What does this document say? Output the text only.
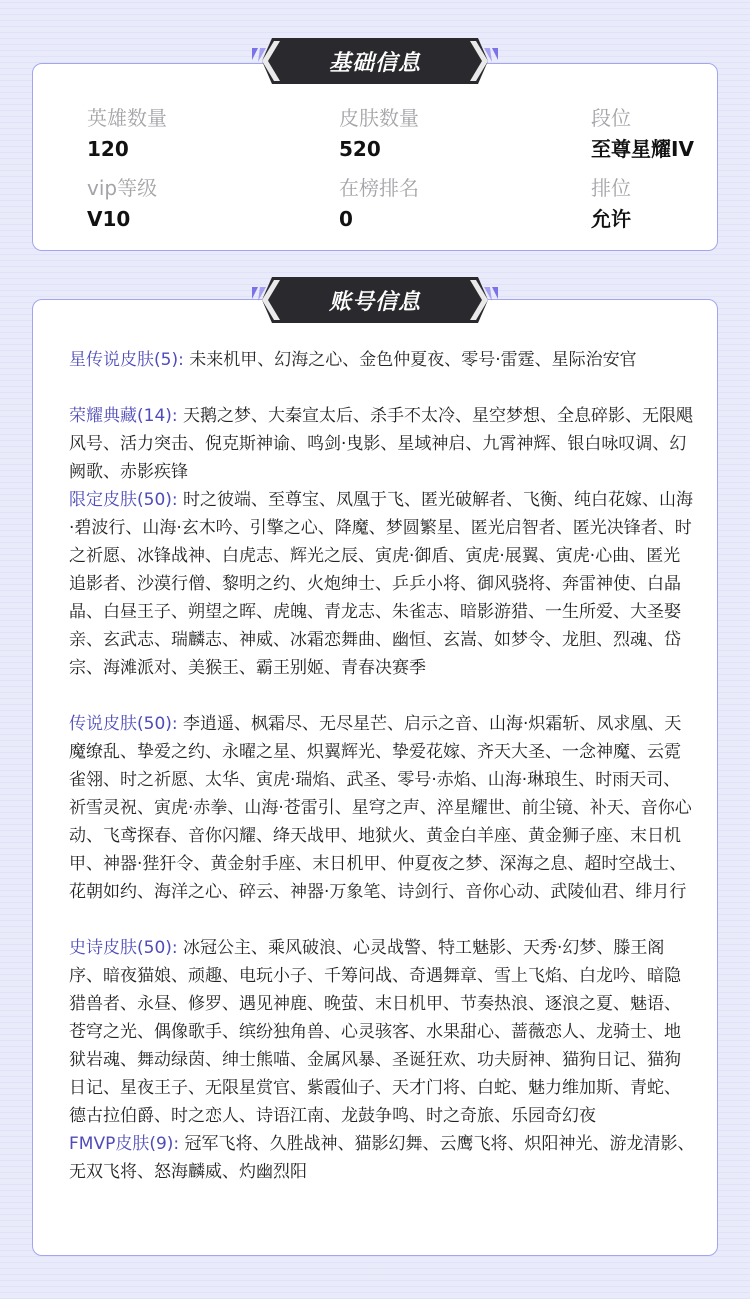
英雄数量
120
皮肤数量
520
段位
至尊星耀IV
vip等级
V10
在榜排名
0
排位
允许
基础信息
星传说皮肤(5): 未来机甲、幻海之心、金色仲夏夜、零号·雷霆、星际治安官
荣耀典藏(14): 天鹅之梦、大秦宣太后、杀手不太冷、星空梦想、全息碎影、无限飓风号、活力突击、倪克斯神谕、鸣剑·曳影、星域神启、九霄神辉、银白咏叹调、幻阙歌、赤影疾锋
限定皮肤(50): 时之彼端、至尊宝、凤凰于飞、匿光破解者、飞衡、纯白花嫁、山海·碧波行、山海·玄木吟、引擎之心、降魔、梦圆繁星、匿光启智者、匿光决锋者、时之祈愿、冰锋战神、白虎志、辉光之辰、寅虎·御盾、寅虎·展翼、寅虎·心曲、匿光追影者、沙漠行僧、黎明之约、火炮绅士、乒乒小将、御风骁将、奔雷神使、白晶晶、白昼王子、朔望之晖、虎魄、青龙志、朱雀志、暗影游猎、一生所爱、大圣娶亲、玄武志、瑞麟志、神威、冰霜恋舞曲、幽恒、玄嵩、如梦令、龙胆、烈魂、岱宗、海滩派对、美猴王、霸王别姬、青春决赛季
传说皮肤(50): 李逍遥、枫霜尽、无尽星芒、启示之音、山海·炽霜斩、凤求凰、天魔缭乱、挚爱之约、永曜之星、炽翼辉光、挚爱花嫁、齐天大圣、一念神魔、云霓雀翎、时之祈愿、太华、寅虎·瑞焰、武圣、零号·赤焰、山海·琳琅生、时雨天司、祈雪灵祝、寅虎·赤拳、山海·苍雷引、星穹之声、淬星耀世、前尘镜、补天、音你心动、飞鸢探春、音你闪耀、绛天战甲、地狱火、黄金白羊座、黄金狮子座、末日机甲、神器·狴犴令、黄金射手座、末日机甲、仲夏夜之梦、深海之息、超时空战士、花朝如约、海洋之心、碎云、神器·万象笔、诗剑行、音你心动、武陵仙君、绯月行
史诗皮肤(50): 冰冠公主、乘风破浪、心灵战警、特工魅影、天秀·幻梦、滕王阁序、暗夜猫娘、顽趣、电玩小子、千筹问战、奇遇舞章、雪上飞焰、白龙吟、暗隐猎兽者、永昼、修罗、遇见神鹿、晚萤、末日机甲、节奏热浪、逐浪之夏、魅语、苍穹之光、偶像歌手、缤纷独角兽、心灵骇客、水果甜心、蔷薇恋人、龙骑士、地狱岩魂、舞动绿茵、绅士熊喵、金属风暴、圣诞狂欢、功夫厨神、猫狗日记、猫狗日记、星夜王子、无限星赏官、紫霞仙子、天才门将、白蛇、魅力维加斯、青蛇、德古拉伯爵、时之恋人、诗语江南、龙鼓争鸣、时之奇旅、乐园奇幻夜
FMVP皮肤(9): 冠军飞将、久胜战神、猫影幻舞、云鹰飞将、炽阳神光、游龙清影、无双飞将、怒海麟威、灼幽烈阳
账号信息
